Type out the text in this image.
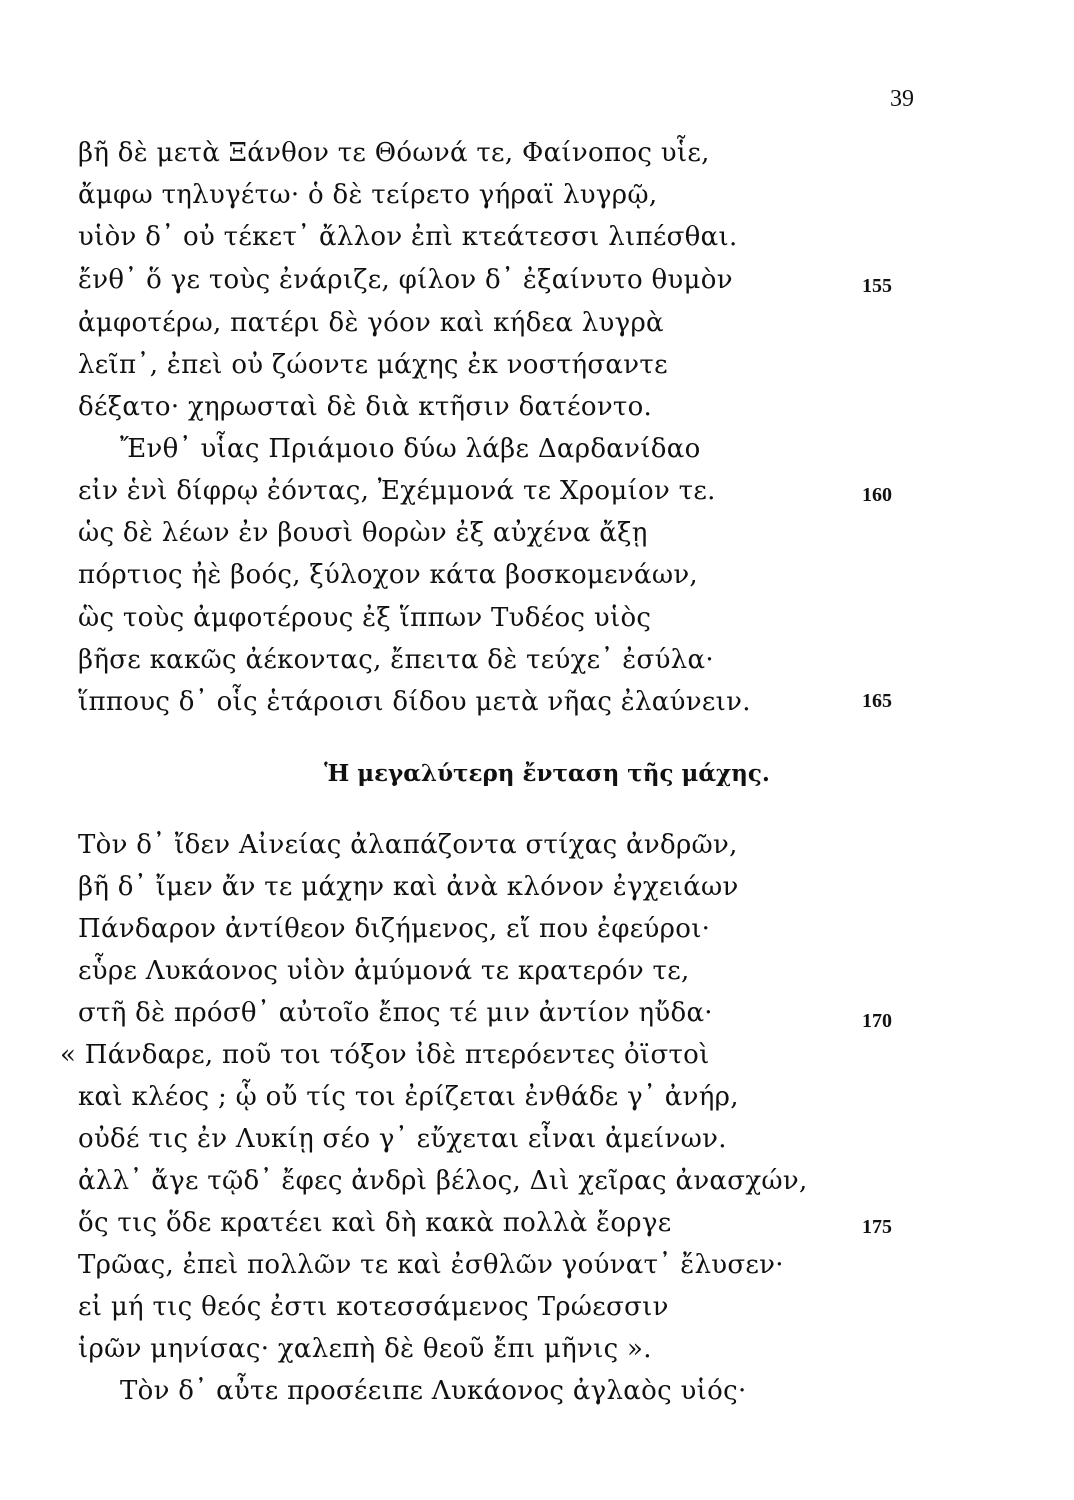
39
βῆ δὲ μετὰ Ξάνθον τε Θόωνά τε, Φαίνοπος υἷε,
ἄμφω τηλυγέτω· ὁ δὲ τείρετο γήραϊ λυγρῷ,
υἱὸν δ᾽ οὐ τέκετ᾽ ἄλλον ἐπὶ κτεάτεσσι λιπέσθαι.
ἔνθ᾽ ὅ γε τοὺς ἐνάριζε, φίλον δ᾽ ἐξαίνυτο θυμὸν
ἀμφοτέρω, πατέρι δὲ γόον καὶ κήδεα λυγρὰ
λεῖπ᾽, ἐπεὶ οὐ ζώοντε μάχης ἐκ νοστήσαντε
δέξατο· χηρωσταὶ δὲ διὰ κτῆσιν δατέοντο.
Ἔνθ᾽ υἷας Πριάμοιο δύω λάβε Δαρδανίδαο
εἰν ἑνὶ δίφρῳ ἐόντας, Ἐχέμμονά τε Χρομίον τε.
ὡς δὲ λέων ἐν βουσὶ θορὼν ἐξ αὐχένα ἄξῃ
πόρτιος ἠὲ βοός, ξύλοχον κάτα βοσκομενάων,
ὣς τοὺς ἀμφοτέρους ἐξ ἵππων Τυδέος υἱὸς
βῆσε κακῶς ἀέκοντας, ἔπειτα δὲ τεύχε᾽ ἐσύλα·
ἵππους δ᾽ οἷς ἑτάροισι δίδου μετὰ νῆας ἐλαύνειν.
155
160
165
Ἡ μεγαλύτερη ἔνταση τῆς μάχης.
Τὸν δ᾽ ἴδεν Αἰνείας ἀλαπάζοντα στίχας ἀνδρῶν,
βῆ δ᾽ ἴμεν ἄν τε μάχην καὶ ἀνὰ κλόνον ἐγχειάων
Πάνδαρον ἀντίθεον διζήμενος, εἴ που ἐφεύροι·
εὗρε Λυκάονος υἱὸν ἀμύμονά τε κρατερόν τε,
στῆ δὲ πρόσθ᾽ αὐτοῖο ἔπος τέ μιν ἀντίον ηὔδα·
« Πάνδαρε, ποῦ τοι τόξον ἰδὲ πτερόεντες ὀϊστοὶ
καὶ κλέος ; ᾧ οὔ τίς τοι ἐρίζεται ἐνθάδε γ᾽ ἀνήρ,
οὐδέ τις ἐν Λυκίῃ σέο γ᾽ εὔχεται εἶναι ἀμείνων.
ἀλλ᾽ ἄγε τῷδ᾽ ἔφες ἀνδρὶ βέλος, Διὶ χεῖρας ἀνασχών,
ὅς τις ὅδε κρατέει καὶ δὴ κακὰ πολλὰ ἔοργε
Τρῶας, ἐπεὶ πολλῶν τε καὶ ἐσθλῶν γούνατ᾽ ἔλυσεν·
εἰ μή τις θεός ἐστι κοτεσσάμενος Τρώεσσιν
ἱρῶν μηνίσας· χαλεπὴ δὲ θεοῦ ἔπι μῆνις ».
Τὸν δ᾽ αὖτε προσέειπε Λυκάονος ἀγλαὸς υἱός·
170
175
